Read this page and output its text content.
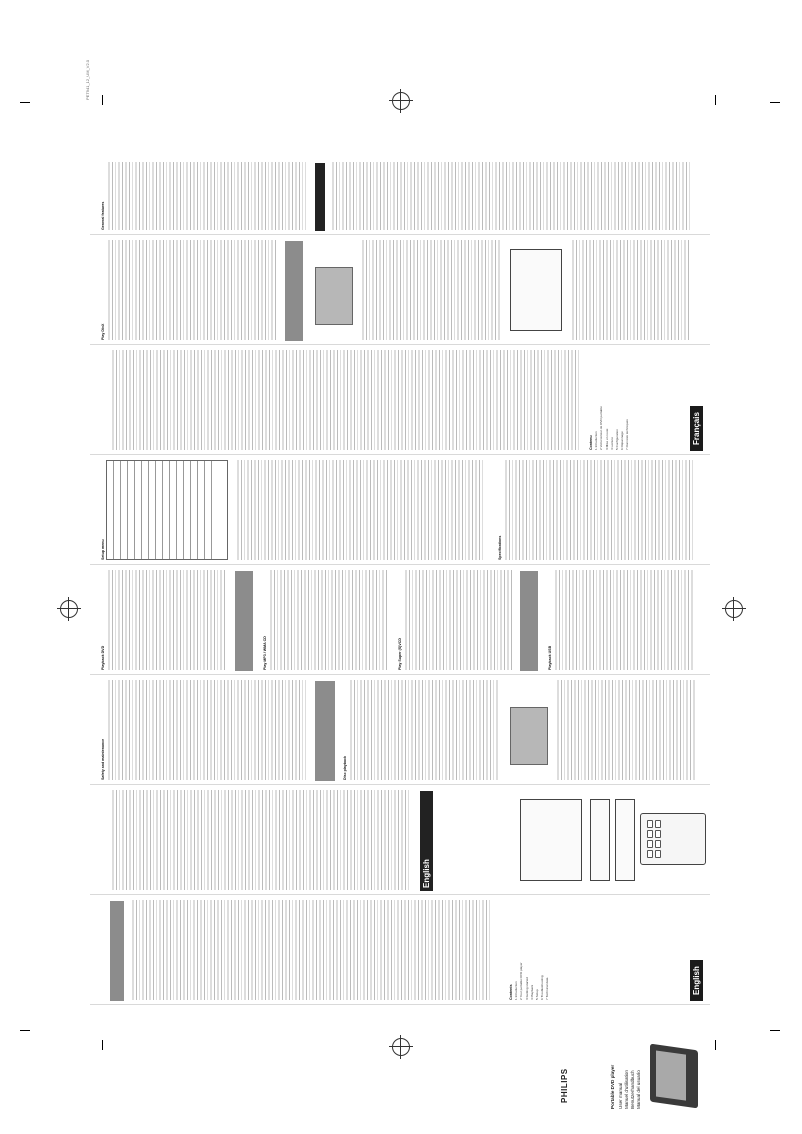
Portable DVD player User manual Manuel d'utilisation Benutzerhandbuch Manual del usuario
PHILIPS
English

Contents 1 Introduction 2 Your portable DVD player 3 Getting started 4 Playback 5 Setup 6 Troubleshooting 7 Technical data

English

Safety and maintenance	Disc playback

Playback DVD	Play MP3 / WMA CD	Play Super (S)VCD	Playback USB

Setup menu	Specifications

Français

Contenu 1 Introduction 2 Votre lecteur de DVD portable 3 Mise en route 4 Lecture 5 Configuration 6 Dépannage 7 Données techniques

Play DivX

General features

PET941_12_UM_V2.0
